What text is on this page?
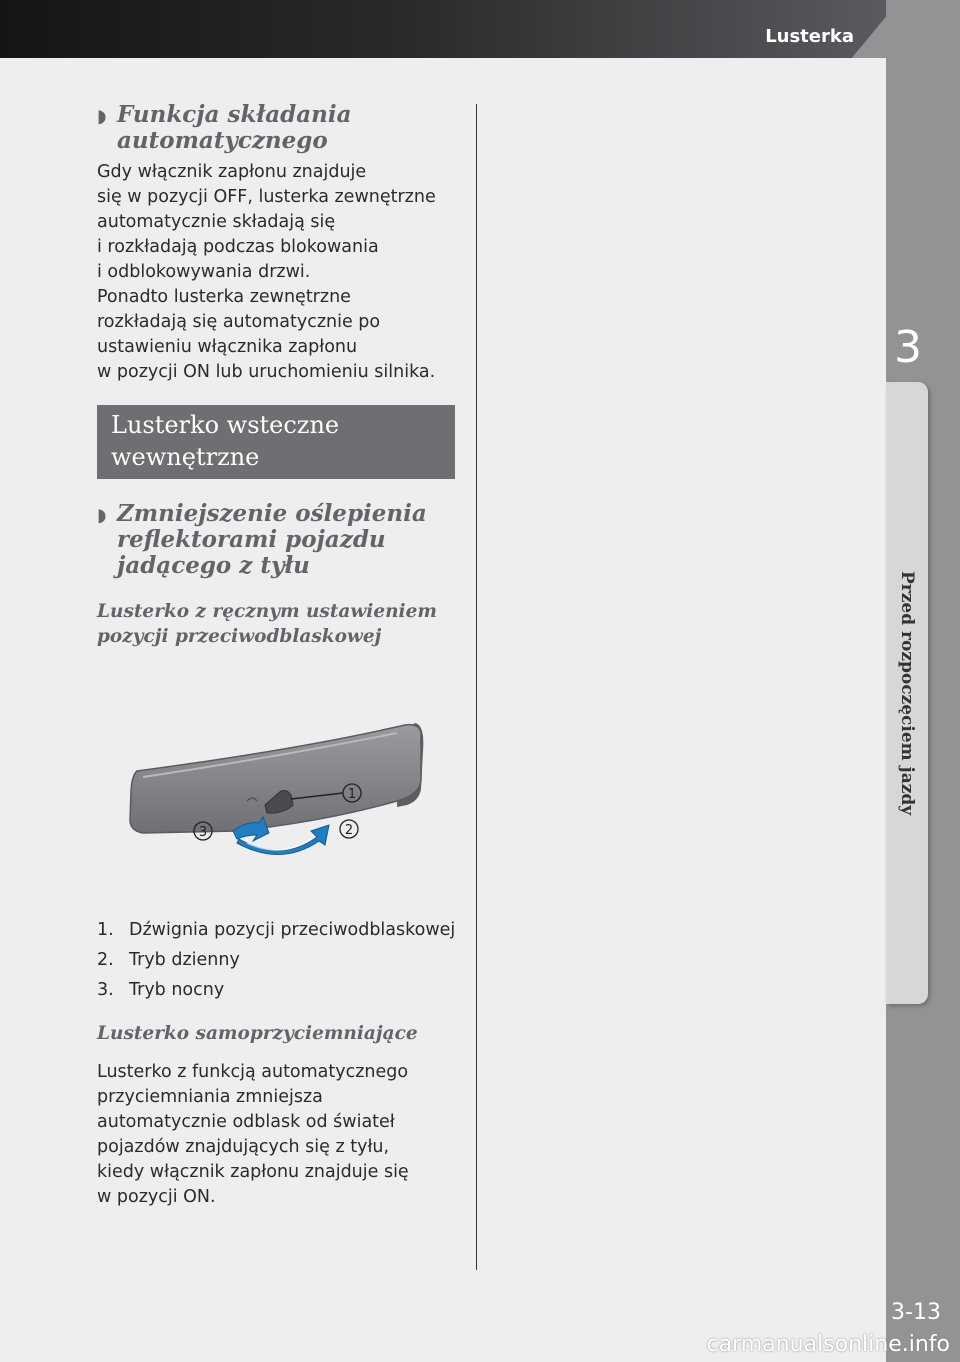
Lusterka
3
Przed rozpoczęciem jazdy
3-13
carmanualsonline.info
◗ Funkcja składania
automatycznego

Gdy włącznik zapłonu znajduje
się w pozycji OFF, lusterka zewnętrzne
automatycznie składają się
i rozkładają podczas blokowania
i odblokowywania drzwi.
Ponadto lusterka zewnętrzne
rozkładają się automatycznie po
ustawieniu włącznika zapłonu
w pozycji ON lub uruchomieniu silnika.

Lusterko wsteczne
wewnętrzne
◗ Zmniejszenie oślepienia
reflektorami pojazdu
jadącego z tyłu
Lusterko z ręcznym ustawieniem
pozycji przeciwodblaskowej
1
2
3
1. Dźwignia pozycji przeciwodblaskowej
2. Tryb dzienny
3. Tryb nocny
Lusterko samoprzyciemniające

Lusterko z funkcją automatycznego
przyciemniania zmniejsza
automatycznie odblask od świateł
pojazdów znajdujących się z tyłu,
kiedy włącznik zapłonu znajduje się
w pozycji ON.
